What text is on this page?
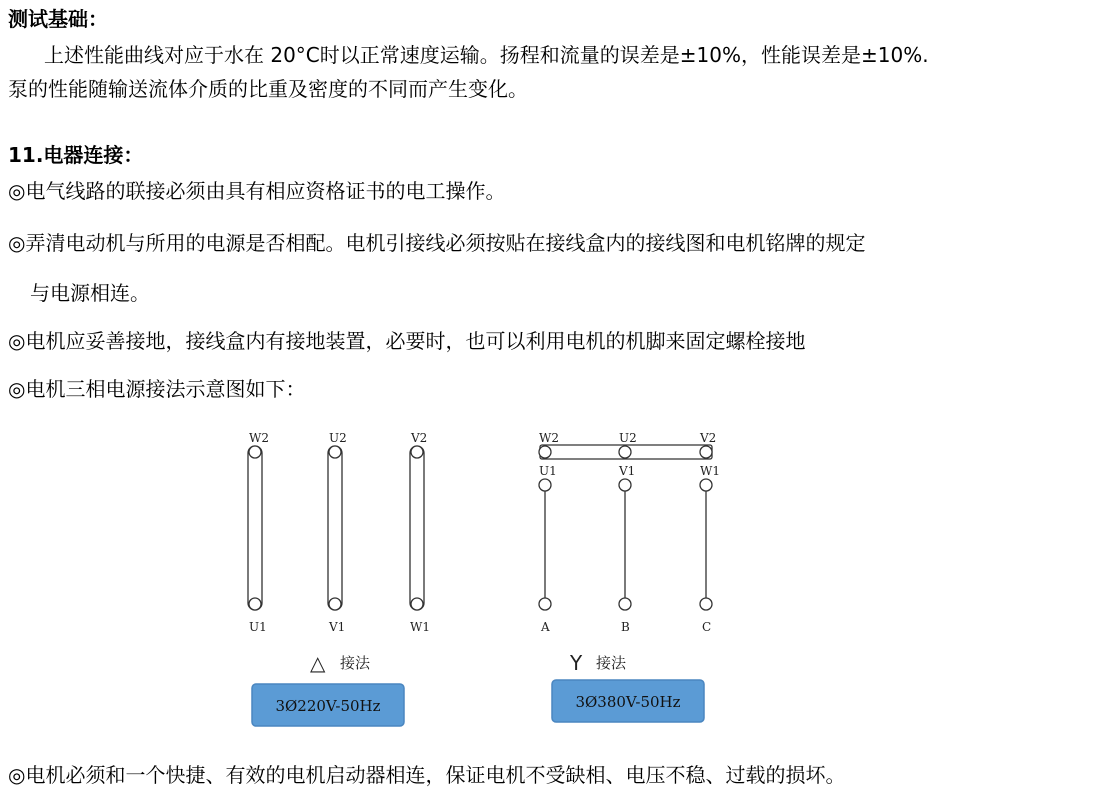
测试基础：
上述性能曲线对应于水在 20°C时以正常速度运输。扬程和流量的误差是±10%，性能误差是±10%.
泵的性能随输送流体介质的比重及密度的不同而产生变化。
11.电器连接：
◎电气线路的联接必须由具有相应资格证书的电工操作。
◎弄清电动机与所用的电源是否相配。电机引接线必须按贴在接线盒内的接线图和电机铭牌的规定
与电源相连。
◎电机应妥善接地，接线盒内有接地装置，必要时，也可以利用电机的机脚来固定螺栓接地
◎电机三相电源接法示意图如下：
W2	U2	V2
U1	V1	W1
△ 接法
3Ø220V-50Hz
W2	U2	V2
U1	V1	W1
A	B	C
Y 接法
3Ø380V-50Hz
◎电机必须和一个快捷、有效的电机启动器相连，保证电机不受缺相、电压不稳、过载的损坏。
